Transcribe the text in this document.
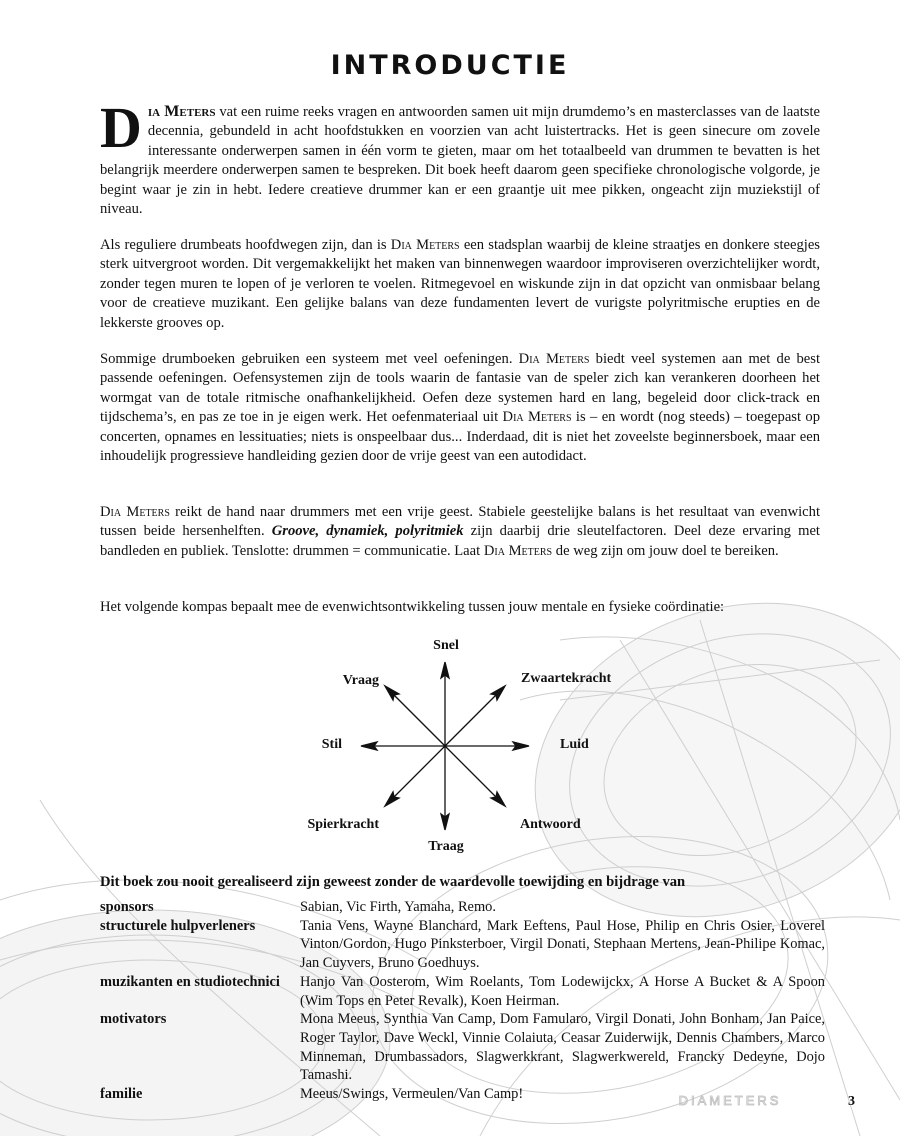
INTRODUCTIE

Dia Meters vat een ruime reeks vragen en antwoorden samen uit mijn drumdemo’s en masterclasses van de laatste decennia, gebundeld in acht hoofdstukken en voorzien van acht luistertracks. Het is geen sinecure om zovele interessante onderwerpen samen in één vorm te gieten, maar om het totaalbeeld van drummen te bevatten is het belangrijk meerdere onderwerpen samen te bespreken. Dit boek heeft daarom geen specifieke chronologische volgorde, je begint waar je zin in hebt. Iedere creatieve drummer kan er een graantje uit mee pikken, ongeacht zijn muziekstijl of niveau.

Als reguliere drumbeats hoofdwegen zijn, dan is Dia Meters een stadsplan waarbij de kleine straatjes en donkere steegjes sterk uitvergroot worden. Dit vergemakkelijkt het maken van binnenwegen waardoor improviseren overzichtelijker wordt, zonder tegen muren te lopen of je verloren te voelen. Ritmegevoel en wiskunde zijn in dat opzicht van onmisbaar belang voor de creatieve muzikant. Een gelijke balans van deze fundamenten levert de vurigste polyritmische erupties en de lekkerste grooves op.

Sommige drumboeken gebruiken een systeem met veel oefeningen. Dia Meters biedt veel systemen aan met de best passende oefeningen. Oefensystemen zijn de tools waarin de fantasie van de speler zich kan verankeren doorheen het wormgat van de totale ritmische onafhankelijkheid. Oefen deze systemen hard en lang, begeleid door click-track en tijdschema’s, en pas ze toe in je eigen werk. Het oefenmateriaal uit Dia Meters is – en wordt (nog steeds) – toegepast op concerten, opnames en lessituaties; niets is onspeelbaar dus... Inderdaad, dit is niet het zoveelste beginnersboek, maar een inhoudelijk progressieve handleiding gezien door de vrije geest van een autodidact.

Dia Meters reikt de hand naar drummers met een vrije geest. Stabiele geestelijke balans is het resultaat van evenwicht tussen beide hersenhelften. Groove, dynamiek, polyritmiek zijn daarbij drie sleutelfactoren. Deel deze ervaring met bandleden en publiek. Tenslotte: drummen = communicatie. Laat Dia Meters de weg zijn om jouw doel te bereiken.

Het volgende kompas bepaalt mee de evenwichtsontwikkeling tussen jouw mentale en fysieke coördinatie:

Snel
Zwaartekracht
Luid
Antwoord
Traag
Spierkracht
Stil
Vraag
Dit boek zou nooit gerealiseerd zijn geweest zonder de waardevolle toewijding en bijdrage van
sponsors	Sabian, Vic Firth, Yamaha, Remo.
structurele hulpverleners	Tania Vens, Wayne Blanchard, Mark Eeftens, Paul Hose, Philip en Chris Osier, Loverel Vinton/Gordon, Hugo Pinksterboer, Virgil Donati, Stephaan Mertens, Jean-Philipe Komac, Jan Cuyvers, Bruno Goedhuys.
muzikanten en studiotechnici	Hanjo Van Oosterom, Wim Roelants, Tom Lodewijckx, A Horse A Bucket & A Spoon (Wim Tops en Peter Revalk), Koen Heirman.
motivators	Mona Meeus, Synthia Van Camp, Dom Famularo, Virgil Donati, John Bonham, Jan Paice, Roger Taylor, Dave Weckl, Vinnie Colaiuta, Ceasar Zuiderwijk, Dennis Chambers, Marco Minneman, Drumbassadors, Slagwerkkrant, Slagwerkwereld, Francky Dedeyne, Dojo Tamashi.
familie	Meeus/Swings, Vermeulen/Van Camp!	DIAMETERS	3
